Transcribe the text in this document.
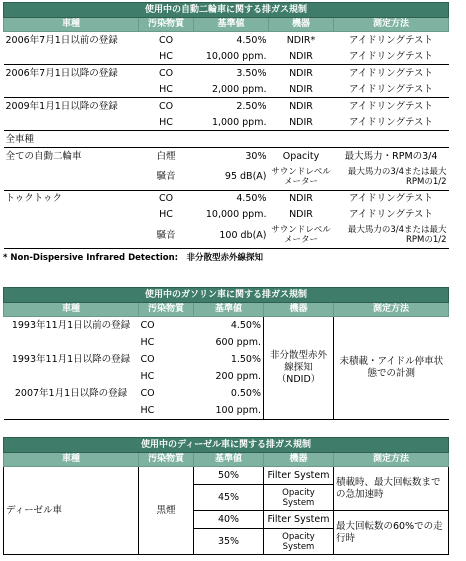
使用中の自動二輪車に関する排ガス規制				
車種	汚染物質	基準値	機器	測定方法
2006年7月1日以前の登録	CO	4.50%	NDIR*	アイドリングテスト
	HC	10,000 ppm.	NDIR	アイドリングテスト
2006年7月1日以降の登録	CO	3.50%	NDIR	アイドリングテスト
	HC	2,000 ppm.	NDIR	アイドリングテスト
2009年1月1日以降の登録	CO	2.50%	NDIR	アイドリングテスト
	HC	1,000 ppm.	NDIR	アイドリングテスト
全車種				
全ての自動二輪車	白煙	30%	Opacity	最大馬力・RPMの3/4
	騒音	95 dB(A)	サウンドレベルメーター	最大馬力の3/4または最大RPMの1/2
トゥクトゥク	CO	4.50%	NDIR	アイドリングテスト
	HC	10,000 ppm.	NDIR	アイドリングテスト
	騒音	100 db(A)	サウンドレベルメーター	最大馬力の3/4または最大RPMの1/2
* Non-Dispersive Infrared Detection:　非分散型赤外線探知
使用中のガソリン車に関する排ガス規制				
車種	汚染物質	基準値	機器	測定方法
1993年11月1日以前の登録	CO	4.50%	非分散型赤外線探知（NDID）	未積載・アイドル停車状態での計測
	HC	600 ppm.		
1993年11月1日以降の登録	CO	1.50%		
	HC	200 ppm.		
2007年1月1日以降の登録	CO	0.50%		
	HC	100 ppm.		
使用中のディーゼル車に関する排ガス規制				
車種	汚染物質	基準値	機器	測定方法
ディーゼル車	黒煙	50%	Filter System	積載時、最大回転数までの急加速時
		45%	Opacity System	
		40%	Filter System	最大回転数の60%での走行時
		35%	Opacity System	
